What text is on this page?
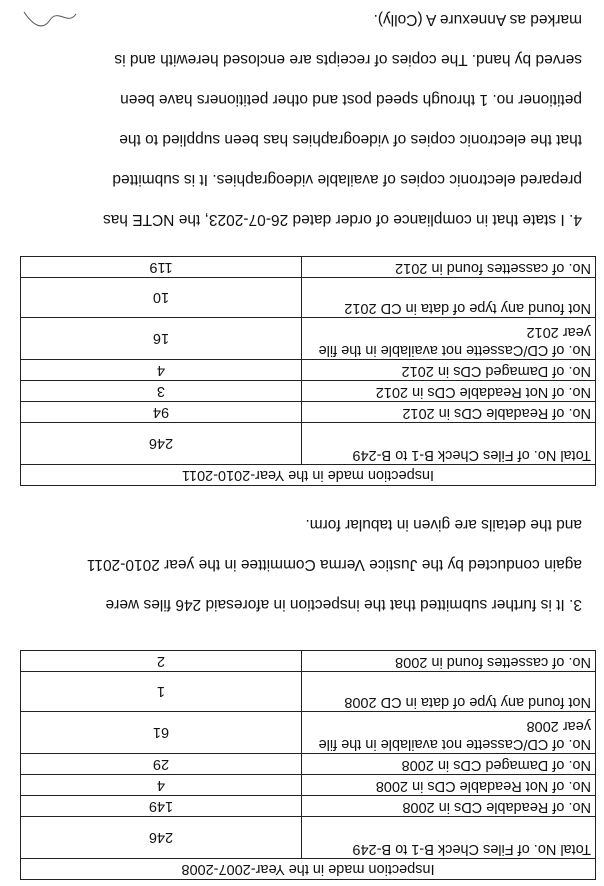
Inspection made in the Year-2007-2008	
Total No. of Files Check B-1 to B-249	246
No. of Readable CDs in 2008	149
No. of Not Readable CDs in 2008	4
No. of Damaged CDs in 2008	29
No. of CD/Cassette not available in the file year 2008	61
Not found any type of data in CD 2008	1
No. of cassettes found in 2008	2

3. It is further submitted that the inspection in aforesaid 246 files were
again conducted by the Justice Verma Committee in the year 2010-2011
and the details are given in tabular form.

Inspection made in the Year-2010-2011	
Total No. of Files Check B-1 to B-249	246
No. of Readable CDs in 2012	94
No. of Not Readable CDs in 2012	3
No. of Damaged CDs in 2012	4
No. of CD/Cassette not available in the file year 2012	16
Not found any type of data in CD 2012	10
No. of cassettes found in 2012	119

4. I state that in compliance of order dated 26-07-2023, the NCTE has
prepared electronic copies of available videographies. It is submitted
that the electronic copies of videographies has been supplied to the
petitioner no. 1 through speed post and other petitioners have been
served by hand. The copies of receipts are enclosed herewith and is
marked as Annexure A (Colly).
